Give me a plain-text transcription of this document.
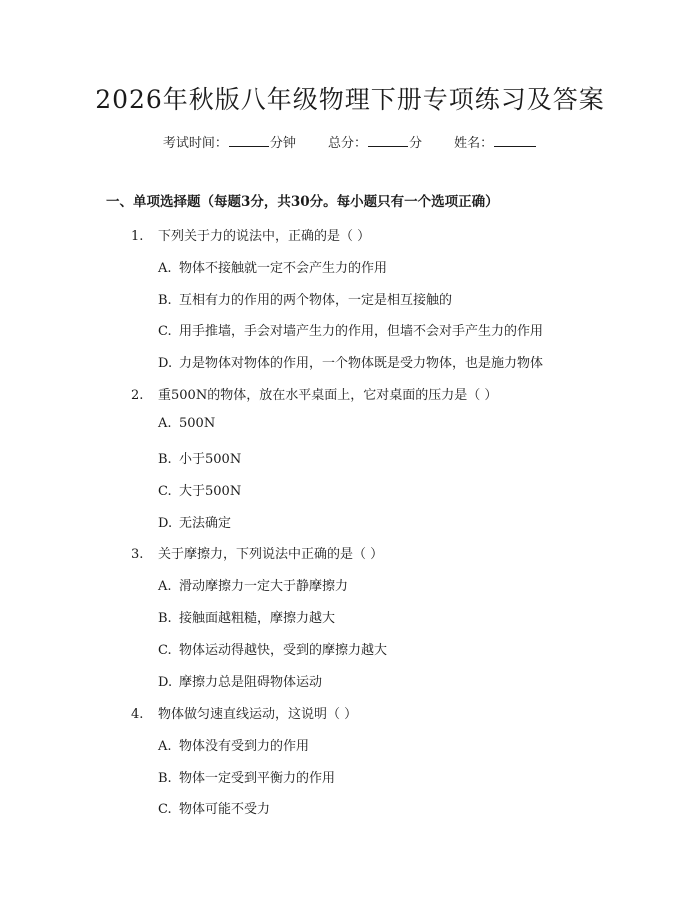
2026年秋版八年级物理下册专项练习及答案
考试时间：	分钟 总分：	分 姓名：
一、单项选择题（每题3分，共30分。每小题只有一个选项正确）
1. 下列关于力的说法中，正确的是（ ）
A. 物体不接触就一定不会产生力的作用
B. 互相有力的作用的两个物体，一定是相互接触的
C. 用手推墙，手会对墙产生力的作用，但墙不会对手产生力的作用
D. 力是物体对物体的作用，一个物体既是受力物体，也是施力物体
2. 重500N的物体，放在水平桌面上，它对桌面的压力是（ ）
A. 500N
B. 小于500N
C. 大于500N
D. 无法确定
3. 关于摩擦力，下列说法中正确的是（ ）
A. 滑动摩擦力一定大于静摩擦力
B. 接触面越粗糙，摩擦力越大
C. 物体运动得越快，受到的摩擦力越大
D. 摩擦力总是阻碍物体运动
4. 物体做匀速直线运动，这说明（ ）
A. 物体没有受到力的作用
B. 物体一定受到平衡力的作用
C. 物体可能不受力
